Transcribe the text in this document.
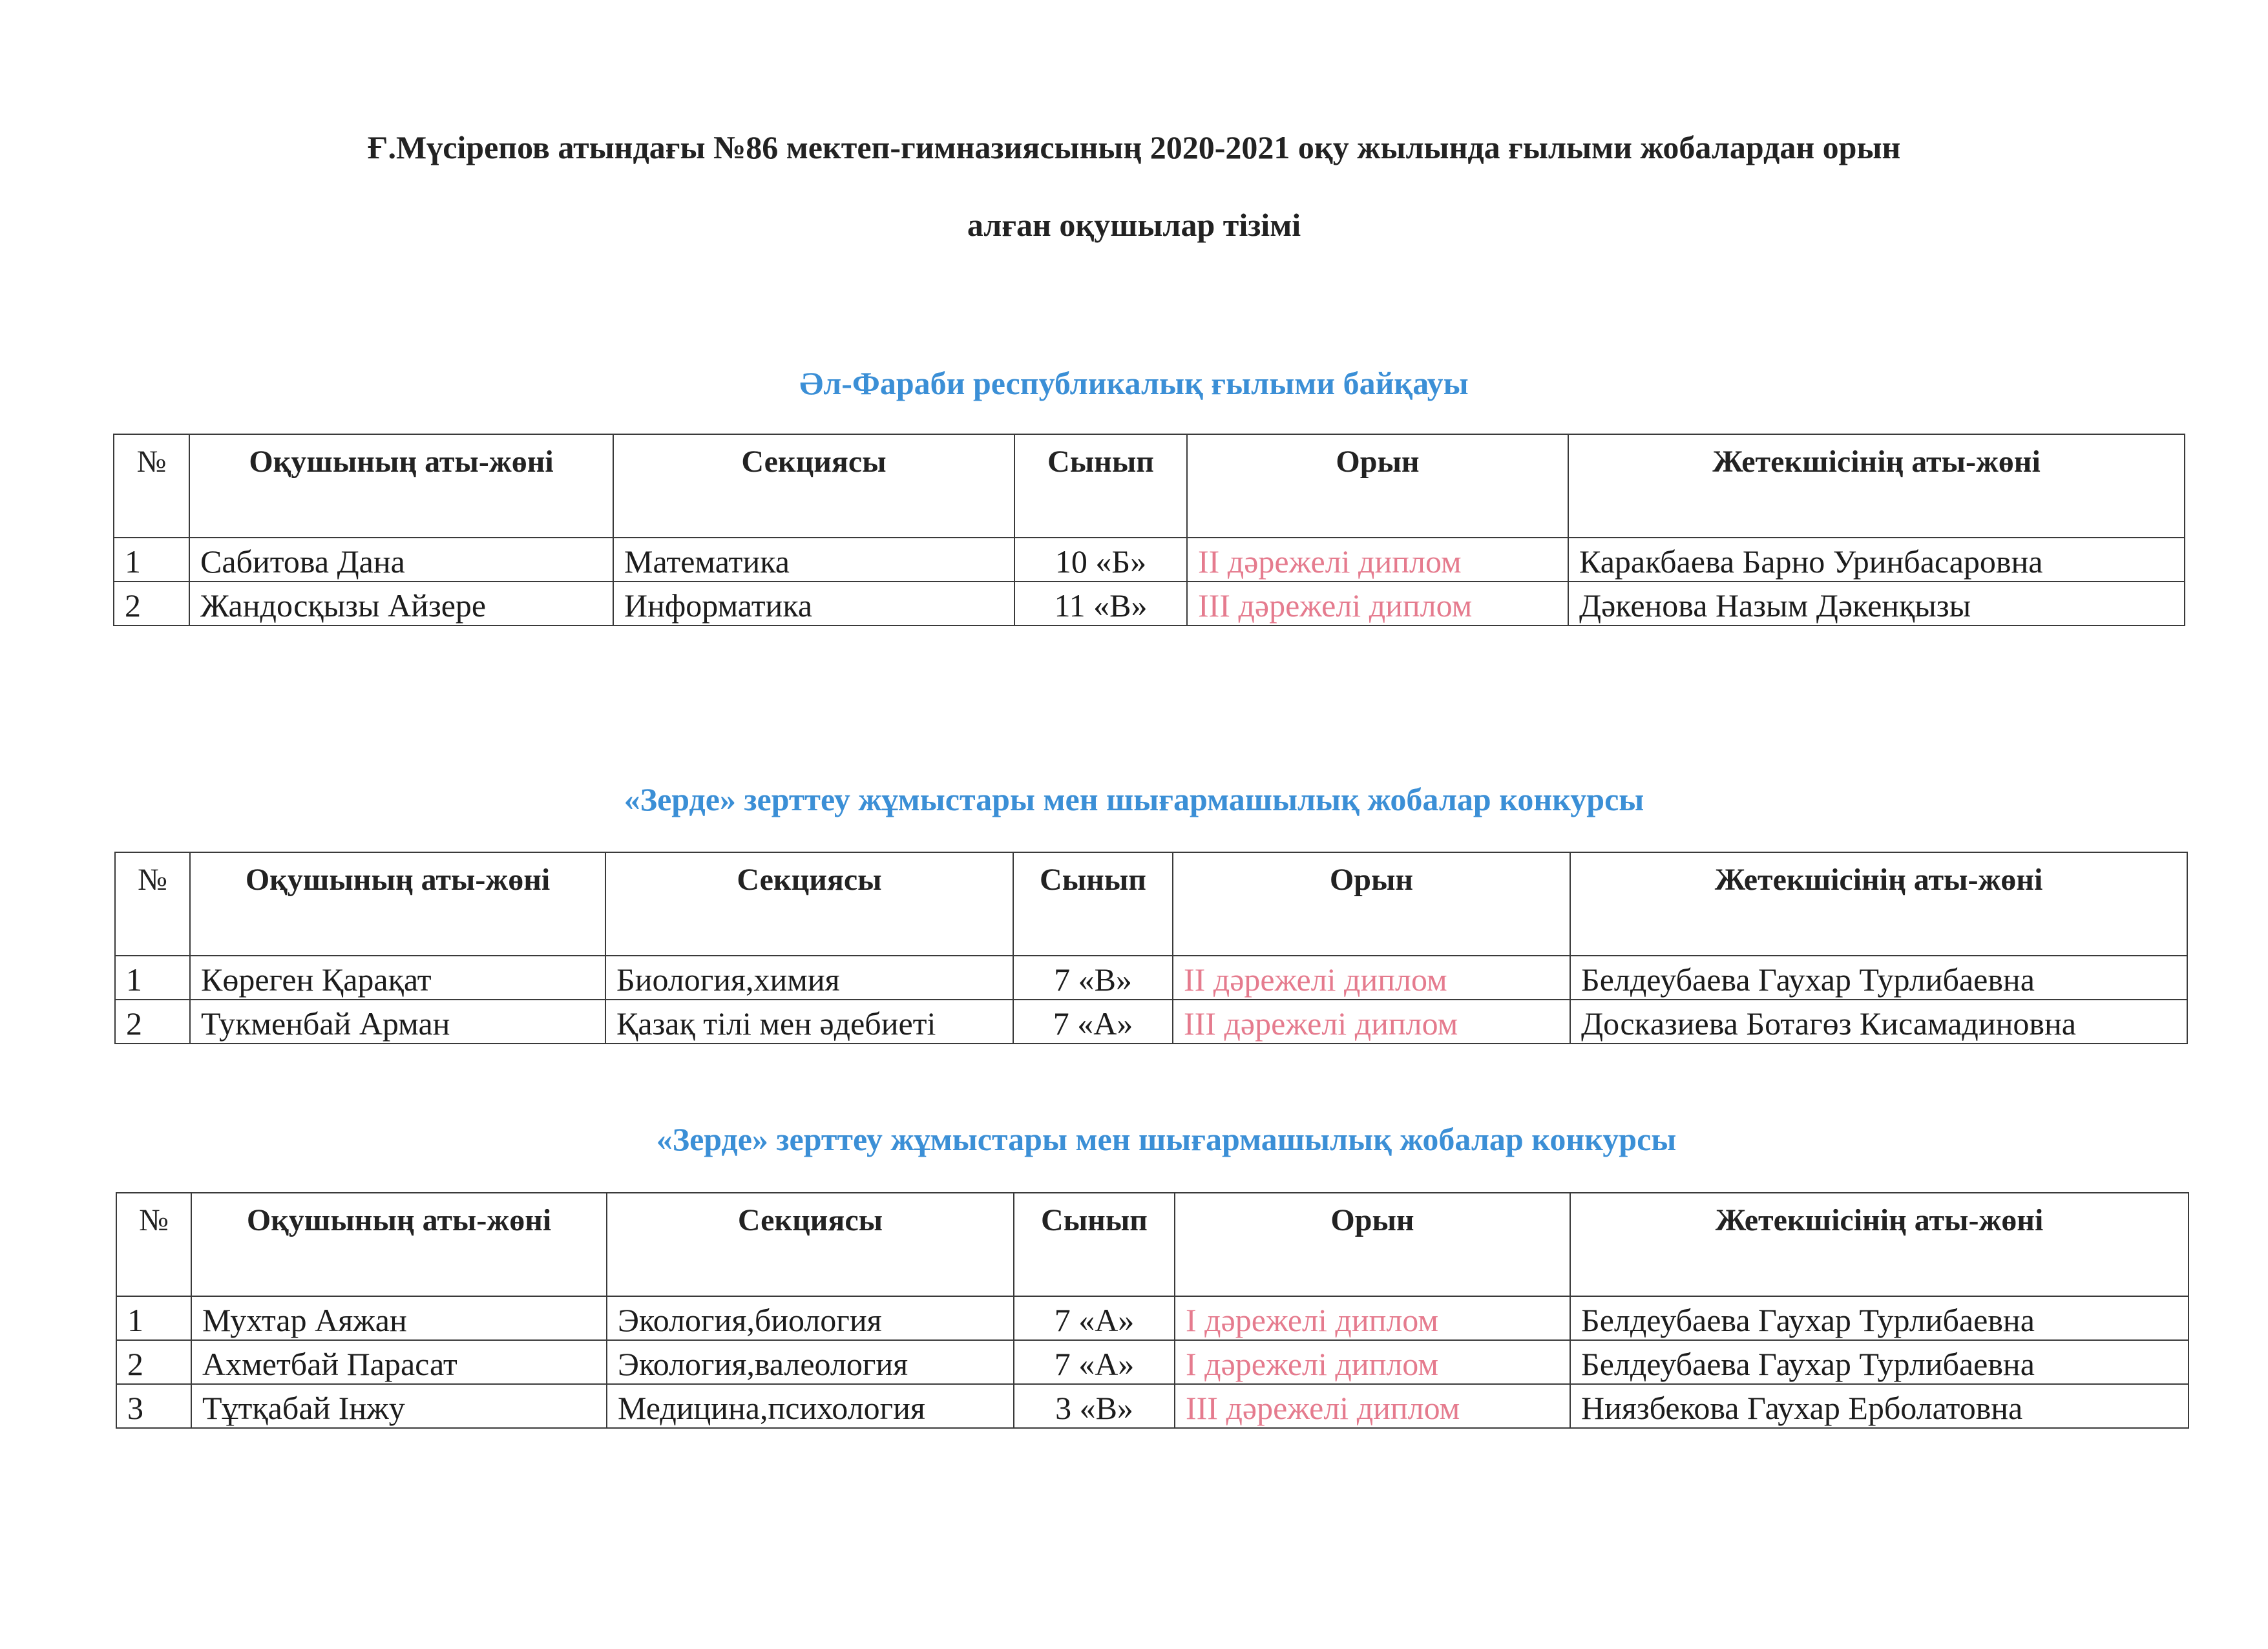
Ғ.Мүсірепов атындағы №86 мектеп-гимназиясының 2020-2021 оқу жылында ғылыми жобалардан орын
алған оқушылар тізімі
Әл-Фараби республикалық ғылыми байқауы
№	Оқушының аты-жөні	Секциясы	Сынып	Орын	Жетекшісінің аты-жөні
1	Сабитова Дана	Математика	10 «Б»	II дәрежелі диплом	Каракбаева Барно Уринбасаровна
2	Жандосқызы Айзере	Информатика	11 «В»	III дәрежелі диплом	Дәкенова Назым Дәкенқызы
«Зерде» зерттеу жұмыстары мен шығармашылық жобалар конкурсы
№	Оқушының аты-жөні	Секциясы	Сынып	Орын	Жетекшісінің аты-жөні
1	Көреген Қарақат	Биология,химия	7 «В»	II дәрежелі диплом	Белдеубаева Гаухар Турлибаевна
2	Тукменбай Арман	Қазақ тілі мен әдебиеті	7 «А»	III дәрежелі диплом	Доскaзиева Ботагөз Кисамадиновна
«Зерде» зерттеу жұмыстары мен шығармашылық жобалар конкурсы
№	Оқушының аты-жөні	Секциясы	Сынып	Орын	Жетекшісінің аты-жөні
1	Мухтар Аяжан	Экология,биология	7 «А»	I дәрежелі диплом	Белдеубаева Гаухар Турлибаевна
2	Ахметбай Парасат	Экология,валеология	7 «А»	I дәрежелі диплом	Белдеубаева Гаухар Турлибаевна
3	Тұтқабай Інжу	Медицина,психология	3 «В»	III дәрежелі диплом	Ниязбекова Гаухар Ерболатовна
